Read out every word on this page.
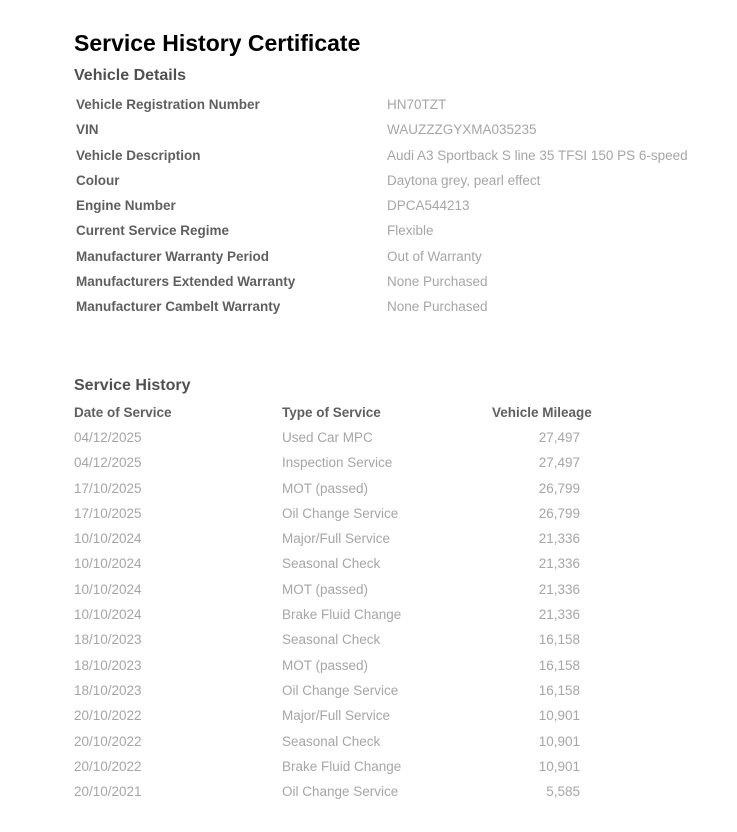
Service History Certificate
Vehicle Details
Vehicle Registration Number	HN70TZT
VIN	WAUZZZGYXMA035235
Vehicle Description	Audi A3 Sportback S line 35 TFSI 150 PS 6-speed
Colour	Daytona grey, pearl effect
Engine Number	DPCA544213
Current Service Regime	Flexible
Manufacturer Warranty Period	Out of Warranty
Manufacturers Extended Warranty	None Purchased
Manufacturer Cambelt Warranty	None Purchased
Service History
Date of Service	Type of Service	Vehicle Mileage
04/12/2025	Used Car MPC	27,497
04/12/2025	Inspection Service	27,497
17/10/2025	MOT (passed)	26,799
17/10/2025	Oil Change Service	26,799
10/10/2024	Major/Full Service	21,336
10/10/2024	Seasonal Check	21,336
10/10/2024	MOT (passed)	21,336
10/10/2024	Brake Fluid Change	21,336
18/10/2023	Seasonal Check	16,158
18/10/2023	MOT (passed)	16,158
18/10/2023	Oil Change Service	16,158
20/10/2022	Major/Full Service	10,901
20/10/2022	Seasonal Check	10,901
20/10/2022	Brake Fluid Change	10,901
20/10/2021	Oil Change Service	5,585
